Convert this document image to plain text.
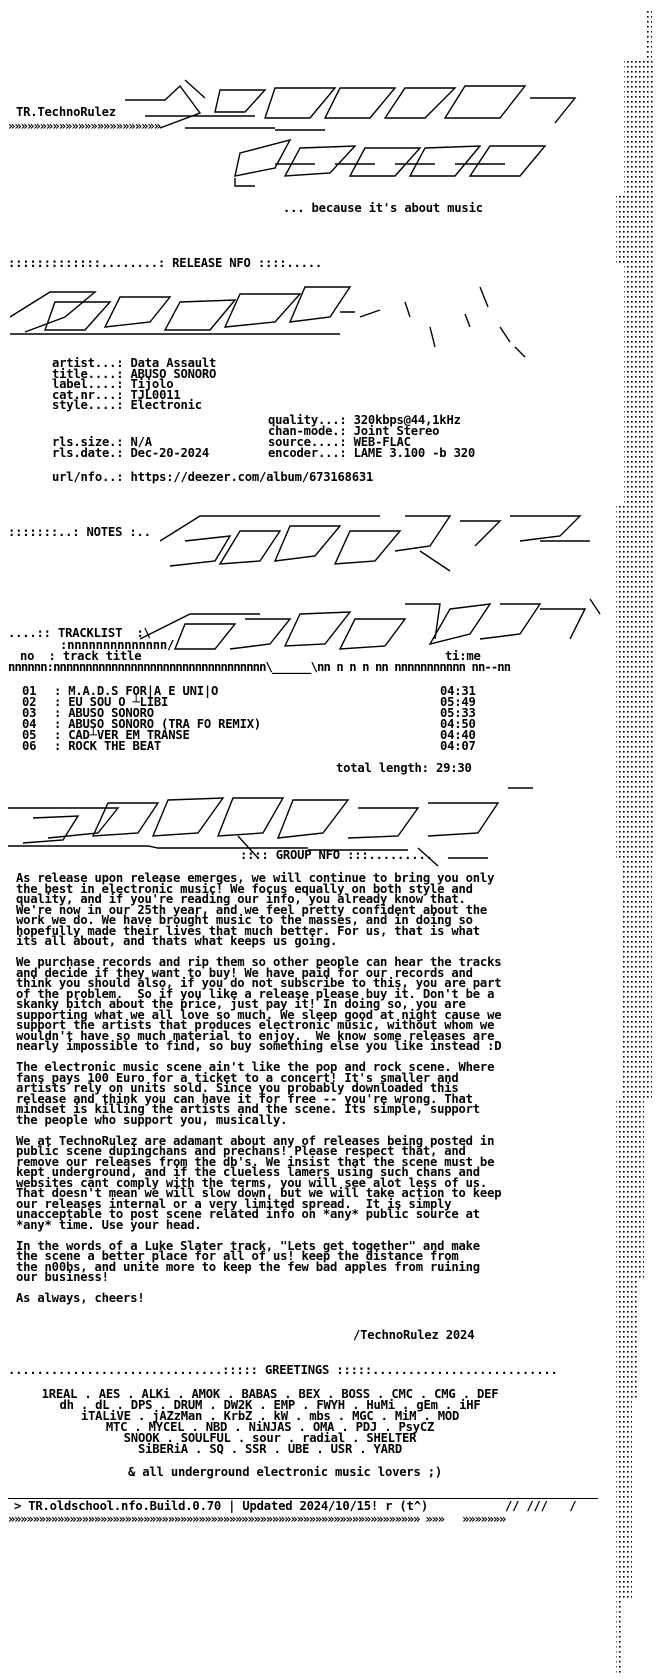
TR.TechnoRulez
»»»»»»»»»»»»»»»»»»»»»»»»
... because it's about music
:::::::::::::........: RELEASE NFO ::::.....
artist...: Data Assault
title....: ABUSO SONORO
label....: Tijolo
cat.nr...: TJL0011
style....: Electronic
quality...: 320kbps@44,1kHz
chan-mode.: Joint Stereo
rls.size.: N/A	source....: WEB-FLAC
rls.date.: Dec-20-2024	encoder...: LAME 3.100 -b 320
url/nfo..: https://deezer.com/album/673168631
:::::::..: NOTES :..
....:: TRACKLIST  :\
:nnnnnnnnnnnnnn/
no  : track title	ti:me
nnnnnn:nnnnnnnnnnnnnnnnnnnnnnnnnnnnnnnnn\______\nn n n n nn nnnnnnnnnnn nn--nn
01 : M.A.D.S FOR|A E UNI|O	04:31
02 : EU SOU O ┴LIBI	05:49
03 : ABUSO SONORO	05:33
04 : ABUSO SONORO (TRA FO REMIX)	04:50
05 : CAD┴VER EM TRANSE	04:40
06 : ROCK THE BEAT	04:07
total length: 29:30
:::: GROUP NFO :::.........
As release upon release emerges, we will continue to bring you only
the best in electronic music! We focus equally on both style and
quality, and if you're reading our info, you already know that.
We're now in our 25th year, and we feel pretty confident about the
work we do. We have brought music to the masses, and in doing so
hopefully made their lives that much better. For us, that is what
its all about, and thats what keeps us going.

We purchase records and rip them so other people can hear the tracks
and decide if they want to buy! We have paid for our records and
think you should also, if you do not subscribe to this, you are part
of the problem.  So if you like a release please buy it. Don't be a
skanky bitch about the price, just pay it! In doing so, you are
supporting what we all love so much. We sleep good at night cause we
support the artists that produces electronic music, without whom we
wouldn't have so much material to enjoy.  We know some releases are
nearly impossible to find, so buy something else you like instead :D

The electronic music scene ain't like the pop and rock scene. Where
fans pays 100 Euro for a ticket to a concert! It's smaller and
artists rely on units sold. Since you probably downloaded this
release and think you can have it for free -- you're wrong. That
mindset is killing the artists and the scene. Its simple, support
the people who support you, musically.

We at TechnoRulez are adamant about any of releases being posted in
public scene dupingchans and prechans! Please respect that, and
remove our releases from the db's. We insist that the scene must be
kept underground, and if the clueless lamers using such chans and
websites cant comply with the terms, you will see alot less of us.
That doesn't mean we will slow down, but we will take action to keep
our releases internal or a very limited spread.  It is simply
unacceptable to post scene related info on *any* public source at
*any* time. Use your head.

In the words of a Luke Slater track, "Lets get together" and make
the scene a better place for all of us! keep the distance from
the n00bs, and unite more to keep the few bad apples from ruining
our business!

As always, cheers!
/TechnoRulez 2024
..............................::::: GREETINGS :::::..........................
1REAL . AES . ALKi . AMOK . BABAS . BEX . BOSS . CMC . CMG . DEF
dh . dL . DPS . DRUM . DW2K . EMP . FWYH . HuMi . gEm . iHF
iTALiVE . jAZzMan . KrbZ . kW . mbs . MGC . MiM . MOD
MTC . MYCEL . NBD . NiNJAS . OMA . PDJ . PsyCZ
SNOOK . SOULFUL . sour . radial . SHELTER
SiBERiA . SQ . SSR . UBE . USR . YARD
& all underground electronic music lovers ;)
> TR.oldschool.nfo.Build.0.70 | Updated 2024/10/15! r (t^)	// ///   /
»»»»»»»»»»»»»»»»»»»»»»»»»»»»»»»»»»»»»»»»»»»»»»»»»»»»»»»»»»»»»»»»»»» »»»   »»»»»»»
